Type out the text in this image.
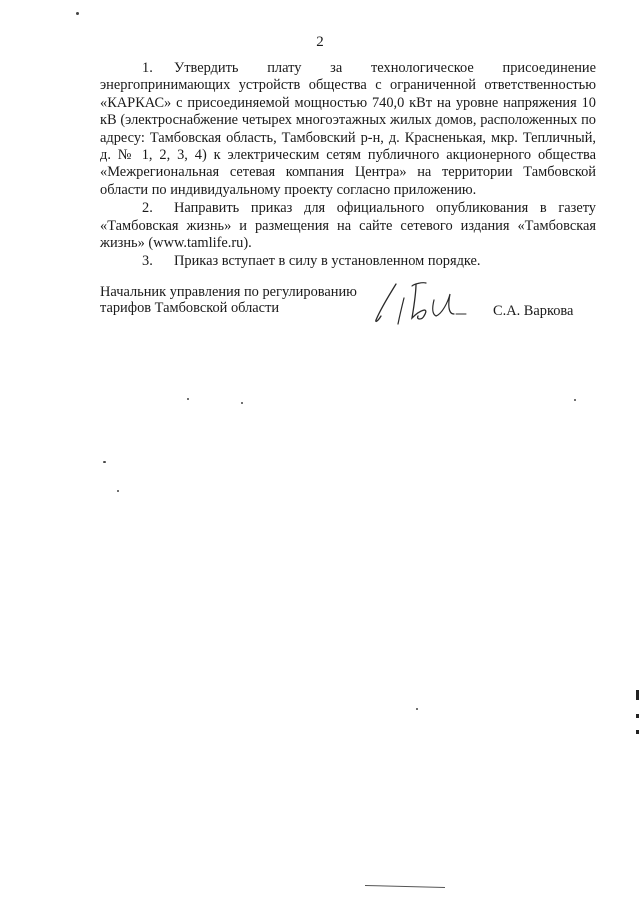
2

1. Утвердить плату за технологическое присоединение энергопринимающих устройств общества с ограниченной ответственностью «КАРКАС» с присоединяемой мощностью 740,0 кВт на уровне напряжения 10 кВ (электроснабжение четырех многоэтажных жилых домов, расположенных по адресу: Тамбовская область, Тамбовский р-н, д. Красненькая, мкр. Тепличный, д. № 1, 2, 3, 4) к электрическим сетям публичного акционерного общества «Межрегиональная сетевая компания Центра» на территории Тамбовской области по индивидуальному проекту согласно приложению.

2. Направить приказ для официального опубликования в газету «Тамбовская жизнь» и размещения на сайте сетевого издания «Тамбовская жизнь» (www.tamlife.ru).

3. Приказ вступает в силу в установленном порядке.

Начальник управления по регулированию тарифов Тамбовской области	С.А. Варкова
